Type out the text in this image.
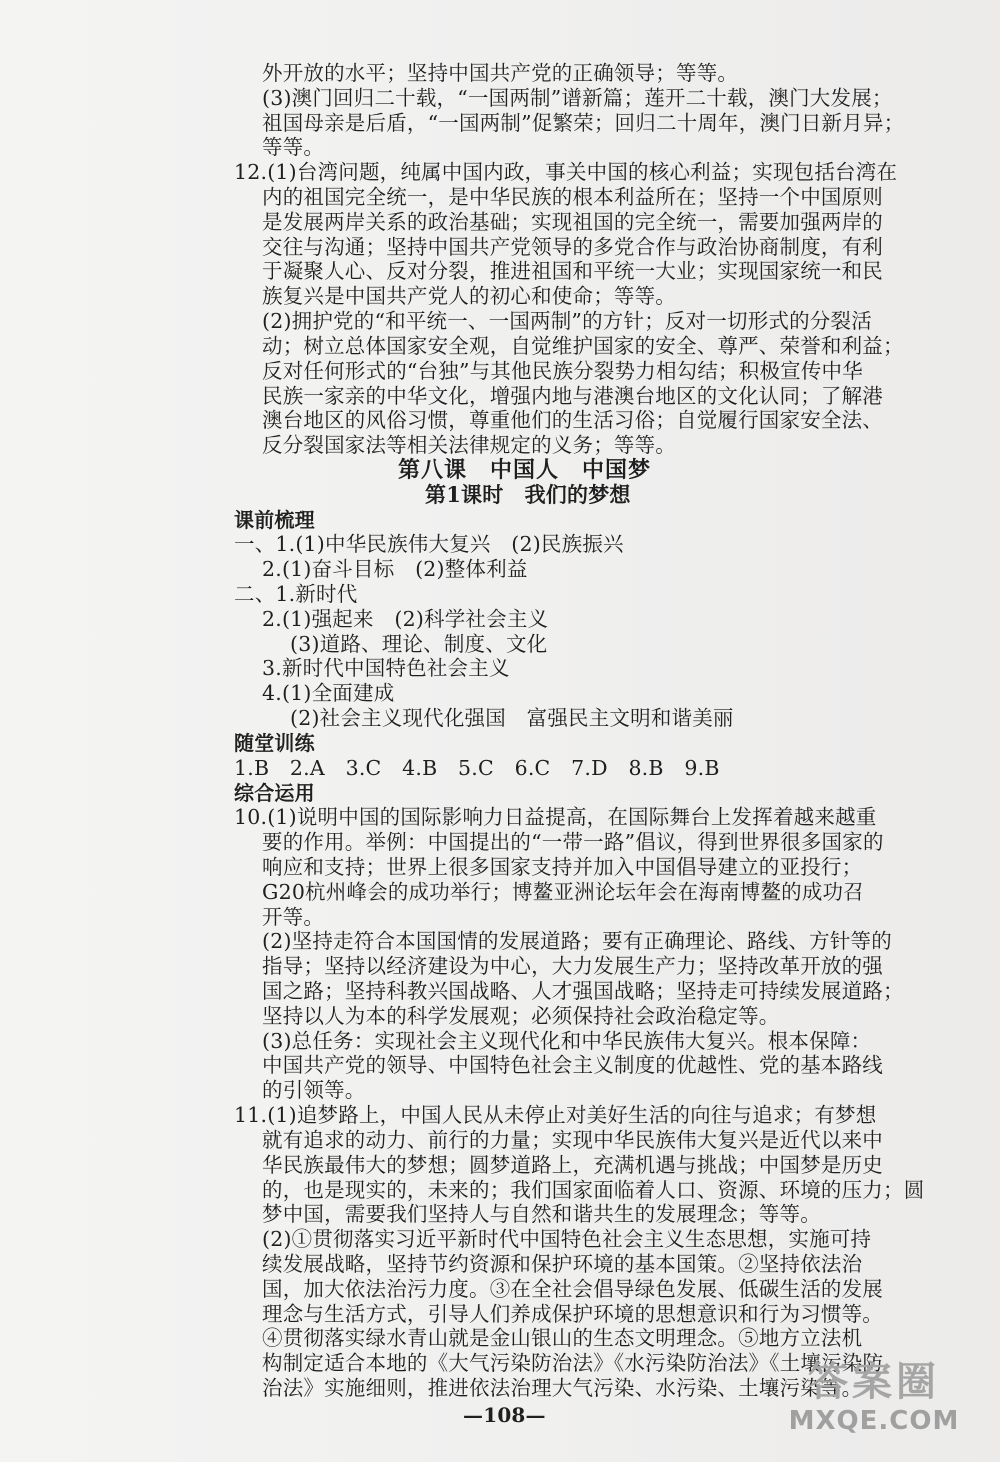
外开放的水平；坚持中国共产党的正确领导；等等。
(3)澳门回归二十载，“一国两制”谱新篇；莲开二十载，澳门大发展；
祖国母亲是后盾，“一国两制”促繁荣；回归二十周年，澳门日新月异；
等等。
12.(1)台湾问题，纯属中国内政，事关中国的核心利益；实现包括台湾在
内的祖国完全统一，是中华民族的根本利益所在；坚持一个中国原则
是发展两岸关系的政治基础；实现祖国的完全统一，需要加强两岸的
交往与沟通；坚持中国共产党领导的多党合作与政治协商制度，有利
于凝聚人心、反对分裂，推进祖国和平统一大业；实现国家统一和民
族复兴是中国共产党人的初心和使命；等等。
(2)拥护党的“和平统一、一国两制”的方针；反对一切形式的分裂活
动；树立总体国家安全观，自觉维护国家的安全、尊严、荣誉和利益；
反对任何形式的“台独”与其他民族分裂势力相勾结；积极宣传中华
民族一家亲的中华文化，增强内地与港澳台地区的文化认同；了解港
澳台地区的风俗习惯，尊重他们的生活习俗；自觉履行国家安全法、
反分裂国家法等相关法律规定的义务；等等。
第八课　中国人　中国梦
第1课时　我们的梦想
课前梳理
一、1.(1)中华民族伟大复兴　(2)民族振兴
2.(1)奋斗目标　(2)整体利益
二、1.新时代
2.(1)强起来　(2)科学社会主义
(3)道路、理论、制度、文化
3.新时代中国特色社会主义
4.(1)全面建成
(2)社会主义现代化强国　富强民主文明和谐美丽
随堂训练
1.B　2.A　3.C　4.B　5.C　6.C　7.D　8.B　9.B
综合运用
10.(1)说明中国的国际影响力日益提高，在国际舞台上发挥着越来越重
要的作用。举例：中国提出的“一带一路”倡议，得到世界很多国家的
响应和支持；世界上很多国家支持并加入中国倡导建立的亚投行；
G20杭州峰会的成功举行；博鳌亚洲论坛年会在海南博鳌的成功召
开等。
(2)坚持走符合本国国情的发展道路；要有正确理论、路线、方针等的
指导；坚持以经济建设为中心，大力发展生产力；坚持改革开放的强
国之路；坚持科教兴国战略、人才强国战略；坚持走可持续发展道路；
坚持以人为本的科学发展观；必须保持社会政治稳定等。
(3)总任务：实现社会主义现代化和中华民族伟大复兴。根本保障：
中国共产党的领导、中国特色社会主义制度的优越性、党的基本路线
的引领等。
11.(1)追梦路上，中国人民从未停止对美好生活的向往与追求；有梦想
就有追求的动力、前行的力量；实现中华民族伟大复兴是近代以来中
华民族最伟大的梦想；圆梦道路上，充满机遇与挑战；中国梦是历史
的，也是现实的，未来的；我们国家面临着人口、资源、环境的压力；圆
梦中国，需要我们坚持人与自然和谐共生的发展理念；等等。
(2)①贯彻落实习近平新时代中国特色社会主义生态思想，实施可持
续发展战略，坚持节约资源和保护环境的基本国策。②坚持依法治
国，加大依法治污力度。③在全社会倡导绿色发展、低碳生活的发展
理念与生活方式，引导人们养成保护环境的思想意识和行为习惯等。
④贯彻落实绿水青山就是金山银山的生态文明理念。⑤地方立法机
构制定适合本地的《大气污染防治法》《水污染防治法》《土壤污染防
治法》实施细则，推进依法治理大气污染、水污染、土壤污染等。
—108—
答案圈
MXQE.COM
